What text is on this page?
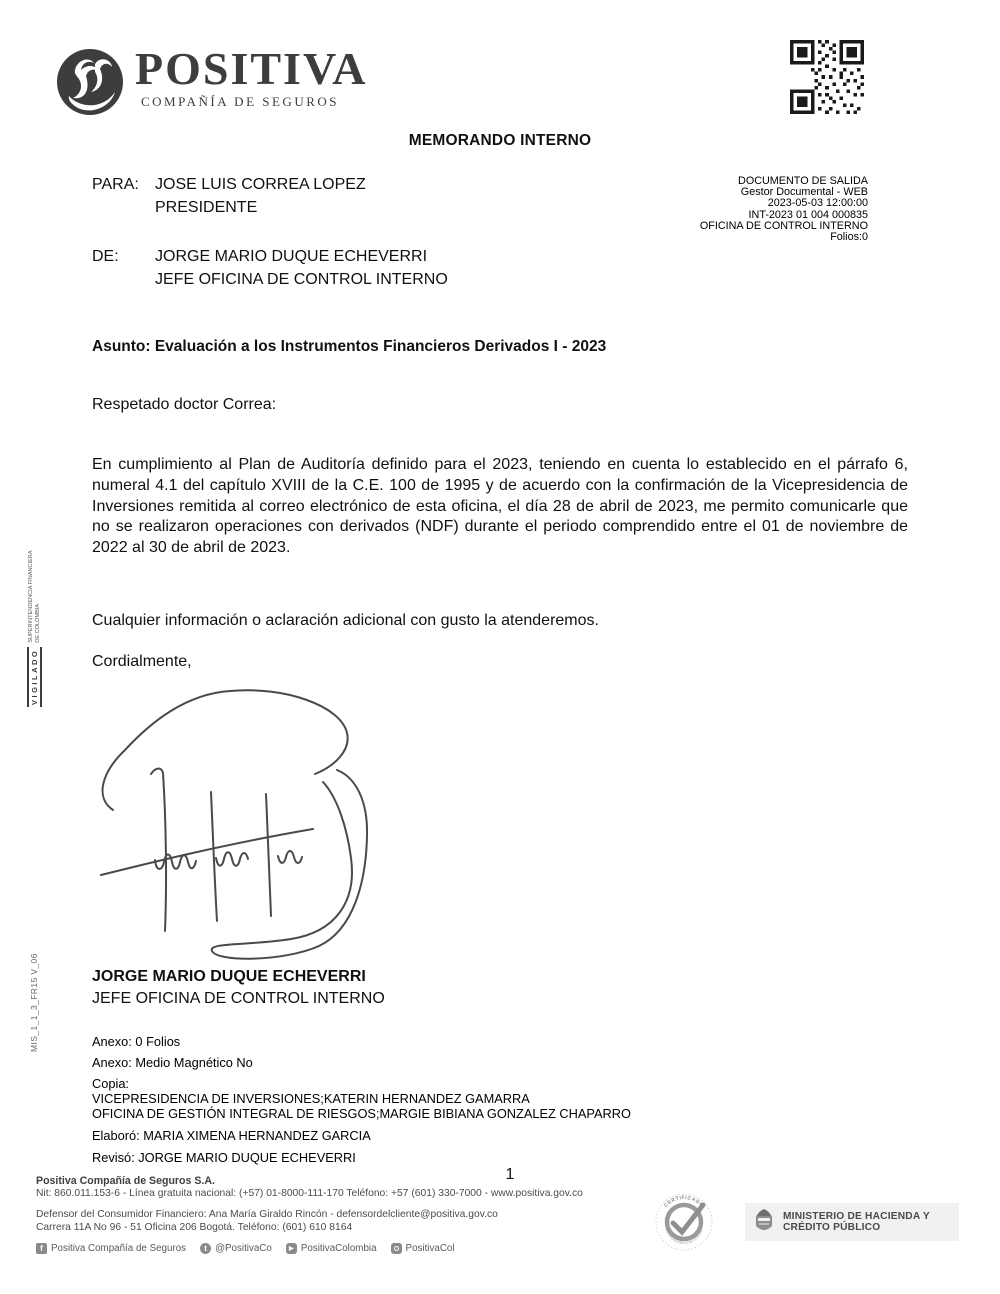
POSITIVA
COMPAÑÍA DE SEGUROS
MEMORANDO INTERNO
DOCUMENTO DE SALIDA
Gestor Documental - WEB
2023-05-03 12:00:00
INT-2023 01 004 000835
OFICINA DE CONTROL INTERNO
Folios:0
PARA: JOSE LUIS CORREA LOPEZ
PRESIDENTE
DE: JORGE MARIO DUQUE ECHEVERRI
JEFE OFICINA DE CONTROL INTERNO
Asunto: Evaluación a los Instrumentos Financieros Derivados I - 2023
Respetado doctor Correa:
En cumplimiento al Plan de Auditoría definido para el 2023, teniendo en cuenta lo establecido en el párrafo 6, numeral 4.1 del capítulo XVIII de la C.E. 100 de 1995 y de acuerdo con la confirmación de la Vicepresidencia de Inversiones remitida al correo electrónico de esta oficina, el día 28 de abril de 2023, me permito comunicarle que no se realizaron operaciones con derivados (NDF) durante el periodo comprendido entre el 01 de noviembre de 2022 al 30 de abril de 2023.
Cualquier información o aclaración adicional con gusto la atenderemos.
Cordialmente,
JORGE MARIO DUQUE ECHEVERRI
JEFE OFICINA DE CONTROL INTERNO
Anexo: 0 Folios
Anexo: Medio Magnético No
Copia:
VICEPRESIDENCIA DE INVERSIONES;KATERIN HERNANDEZ GAMARRA
OFICINA DE GESTIÓN INTEGRAL DE RIESGOS;MARGIE BIBIANA GONZALEZ CHAPARRO
Elaboró: MARIA XIMENA HERNANDEZ GARCIA
Revisó: JORGE MARIO DUQUE ECHEVERRI
1
Positiva Compañía de Seguros S.A.
Nit: 860.011.153-6 - Línea gratuita nacional: (+57) 01-8000-111-170 Teléfono: +57 (601) 330-7000 - www.positiva.gov.co
Defensor del Consumidor Financiero: Ana María Giraldo Rincón - defensordelcliente@positiva.gov.co
Carrera 11A No 96 - 51 Oficina 206 Bogotá. Teléfono: (601) 610 8164
f Positiva Compañía de Seguros	t @PositivaCo	▶ PositivaColombia	PositivaCol
CERTIFICADO
RESPONSABILIDAD SOCIAL
MINISTERIO DE HACIENDA Y
CRÉDITO PÚBLICO
VIGILADO
SUPERINTENDENCIA FINANCIERA DE COLOMBIA
MIS_1_1_3_FR15 V_06
